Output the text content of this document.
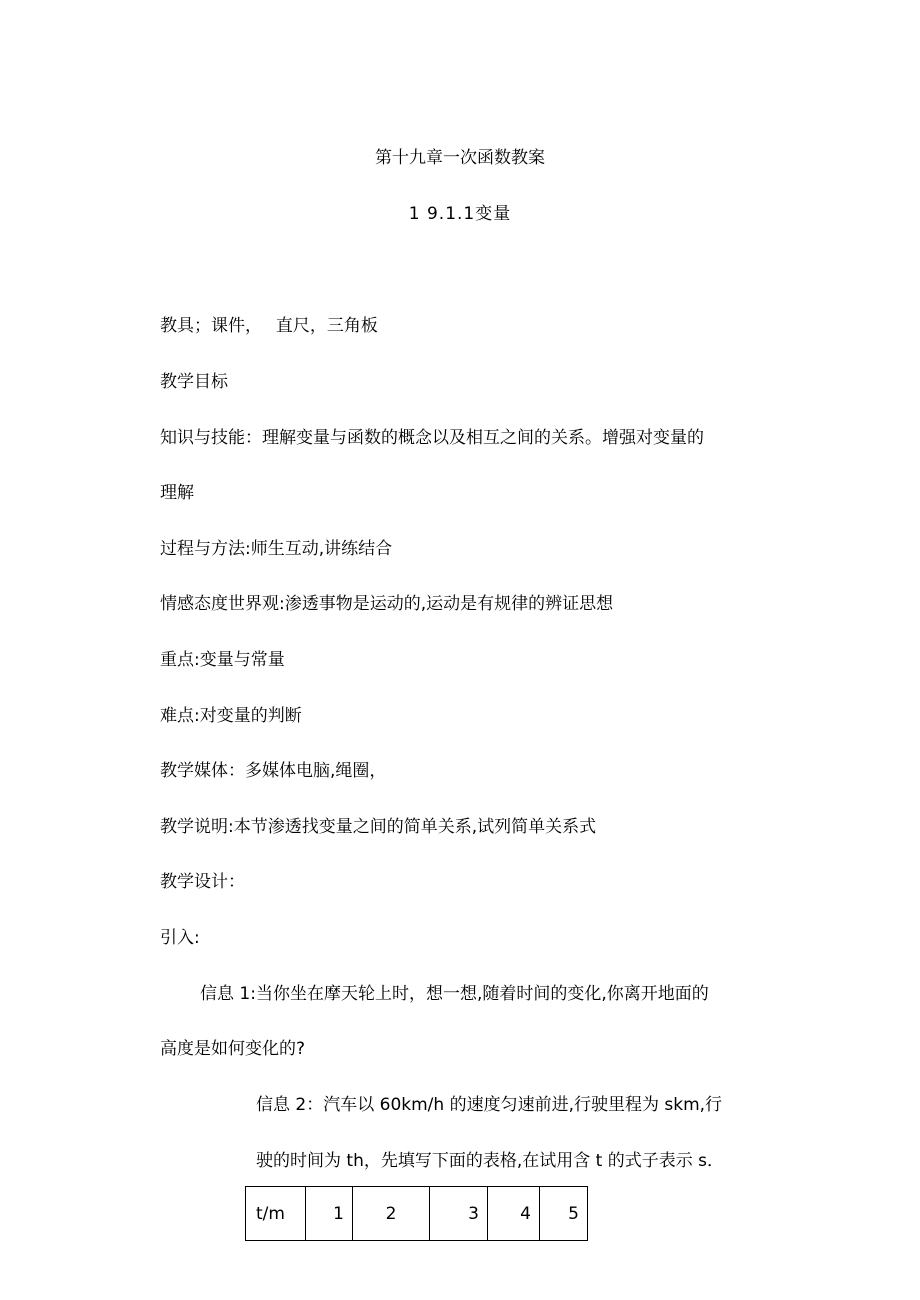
第十九章一次函数教案
1 9.1.1变量
教具；课件，　 直尺，三角板
教学目标
知识与技能：理解变量与函数的概念以及相互之间的关系。增强对变量的
理解
过程与方法:师生互动,讲练结合
情感态度世界观:渗透事物是运动的,运动是有规律的辨证思想
重点:变量与常量
难点:对变量的判断
教学媒体：多媒体电脑,绳圈，
教学说明:本节渗透找变量之间的简单关系,试列简单关系式
教学设计：
引入:
信息 1:当你坐在摩天轮上时，想一想,随着时间的变化,你离开地面的
高度是如何变化的?
信息 2：汽车以 60km/h 的速度匀速前进,行驶里程为 skm,行
驶的时间为 th，先填写下面的表格,在试用含 t 的式子表示 s．
t/m	1	2	3	4	5
